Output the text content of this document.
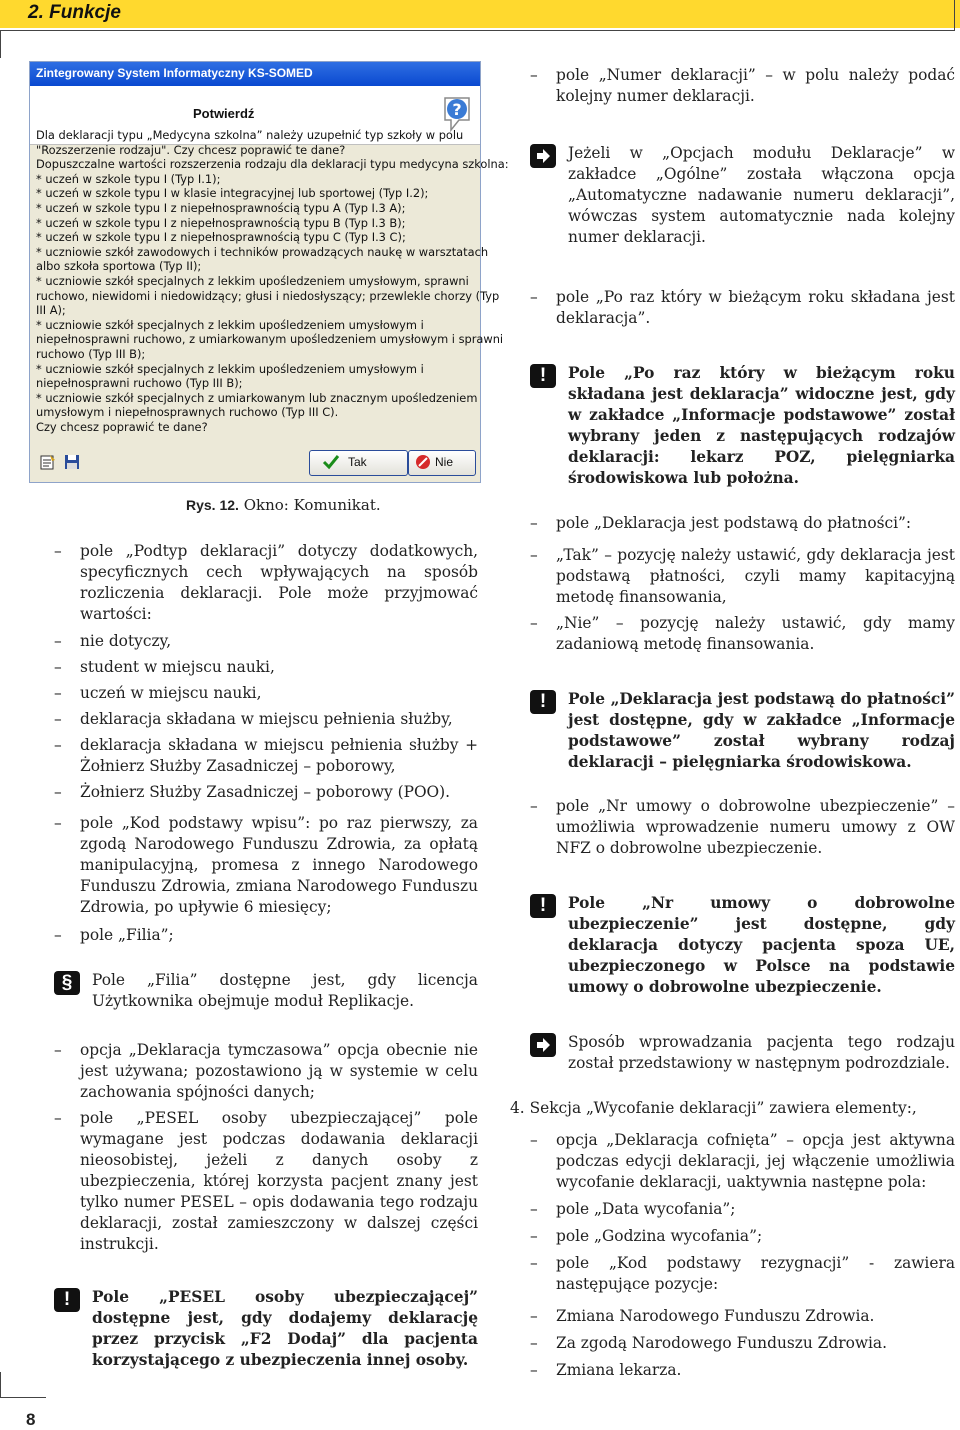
2. Funkcje
8
Zintegrowany System Informatyczny KS-SOMED
Potwierdź	?
Dla deklaracji typu „Medycyna szkolna” należy uzupełnić typ szkoły w polu
"Rozszerzenie rodzaju". Czy chcesz poprawić te dane?
Dopuszczalne wartości rozszerzenia rodzaju dla deklaracji typu medycyna szkolna:
* uczeń w szkole typu I (Typ I.1);
* uczeń w szkole typu I w klasie integracyjnej lub sportowej (Typ I.2);
* uczeń w szkole typu I z niepełnosprawnością typu A (Typ I.3 A);
* uczeń w szkole typu I z niepełnosprawnością typu B (Typ I.3 B);
* uczeń w szkole typu I z niepełnosprawnością typu C (Typ I.3 C);
* uczniowie szkół zawodowych i techników prowadzących naukę w warsztatach
albo szkoła sportowa (Typ II);
* uczniowie szkół specjalnych z lekkim upośledzeniem umysłowym, sprawni
ruchowo, niewidomi i niedowidzący; głusi i niedosłyszący; przewlekle chorzy (Typ
III A);
* uczniowie szkół specjalnych z lekkim upośledzeniem umysłowym i
niepełnosprawni ruchowo, z umiarkowanym upośledzeniem umysłowym i sprawni
ruchowo (Typ III B);
* uczniowie szkół specjalnych z lekkim upośledzeniem umysłowym i
niepełnosprawni ruchowo (Typ III B);
* uczniowie szkół specjalnych z umiarkowanym lub znacznym upośledzeniem
umysłowym i niepełnosprawnych ruchowo (Typ III C).
Czy chcesz poprawić te dane?
Tak	Nie
Rys. 12. Okno: Komunikat.

– pole „Podtyp deklaracji” dotyczy dodatkowych, specyficznych cech wpływających na sposób rozliczenia deklaracji. Pole może przyjmować wartości:

– nie dotyczy,

– student w miejscu nauki,

– uczeń w miejscu nauki,

– deklaracja składana w miejscu pełnienia służby,

– deklaracja składana w miejscu pełnienia służby + Żołnierz Służby Zasadniczej – poborowy,

– Żołnierz Służby Zasadniczej – poborowy (POO).

– pole „Kod podstawy wpisu”: po raz pierwszy, za zgodą Narodowego Funduszu Zdrowia, za opłatą manipulacyjną, promesa z innego Narodowego Funduszu Zdrowia, zmiana Narodowego Funduszu Zdrowia, po upływie 6 miesięcy;

– pole „Filia”;

§	Pole „Filia” dostępne jest, gdy licencja Użytkownika obejmuje moduł Replikacje.

– opcja „Deklaracja tymczasowa” opcja obecnie nie jest używana; pozostawiono ją w systemie w celu zachowania spójności danych;

– pole „PESEL osoby ubezpieczającej” pole wymagane jest podczas dodawania deklaracji nieosobistej, jeżeli z danych osoby z ubezpieczenia, której korzysta pacjent znany jest tylko numer PESEL – opis dodawania tego rodzaju deklaracji, został zamieszczony w dalszej części instrukcji.

!	Pole „PESEL osoby ubezpieczającej” dostępne jest, gdy dodajemy deklarację przez przycisk „F2 Dodaj” dla pacjenta korzystającego z ubezpieczenia innej osoby.

– pole „Numer deklaracji” – w polu należy podać kolejny numer deklaracji.

Jeżeli w „Opcjach modułu Deklaracje” w zakładce „Ogólne” została włączona opcja „Automatyczne nadawanie numeru deklaracji”, wówczas system automatycznie nada kolejny numer deklaracji.

– pole „Po raz który w bieżącym roku składana jest deklaracja”.

!	Pole „Po raz który w bieżącym roku składana jest deklaracja” widoczne jest, gdy w zakładce „Informacje podstawowe” został wybrany jeden z następujących rodzajów deklaracji: lekarz POZ, pielęgniarka środowiskowa lub położna.

– pole „Deklaracja jest podstawą do płatności”:

– „Tak” – pozycję należy ustawić, gdy deklaracja jest podstawą płatności, czyli mamy kapitacyjną metodę finansowania,

– „Nie” – pozycję należy ustawić, gdy mamy zadaniową metodę finansowania.

!	Pole „Deklaracja jest podstawą do płatności” jest dostępne, gdy w zakładce „Informacje podstawowe” został wybrany rodzaj deklaracji – pielęgniarka środowiskowa.

– pole „Nr umowy o dobrowolne ubezpieczenie” – umożliwia wprowadzenie numeru umowy z OW NFZ o dobrowolne ubezpieczenie.

!	Pole „Nr umowy o dobrowolne ubezpieczenie” jest dostępne, gdy deklaracja dotyczy pacjenta spoza UE, ubezpieczonego w Polsce na podstawie umowy o dobrowolne ubezpieczenie.
Sposób wprowadzania pacjenta tego rodzaju został przedstawiony w następnym podrozdziale.

4. Sekcja „Wycofanie deklaracji” zawiera elementy:,

– opcja „Deklaracja cofnięta” – opcja jest aktywna podczas edycji deklaracji, jej włączenie umożliwia wycofanie deklaracji, uaktywnia następne pola:

– pole „Data wycofania”;

– pole „Godzina wycofania”;

– pole „Kod podstawy rezygnacji” - zawiera następujące pozycje:

– Zmiana Narodowego Funduszu Zdrowia.

– Za zgodą Narodowego Funduszu Zdrowia.

– Zmiana lekarza.
